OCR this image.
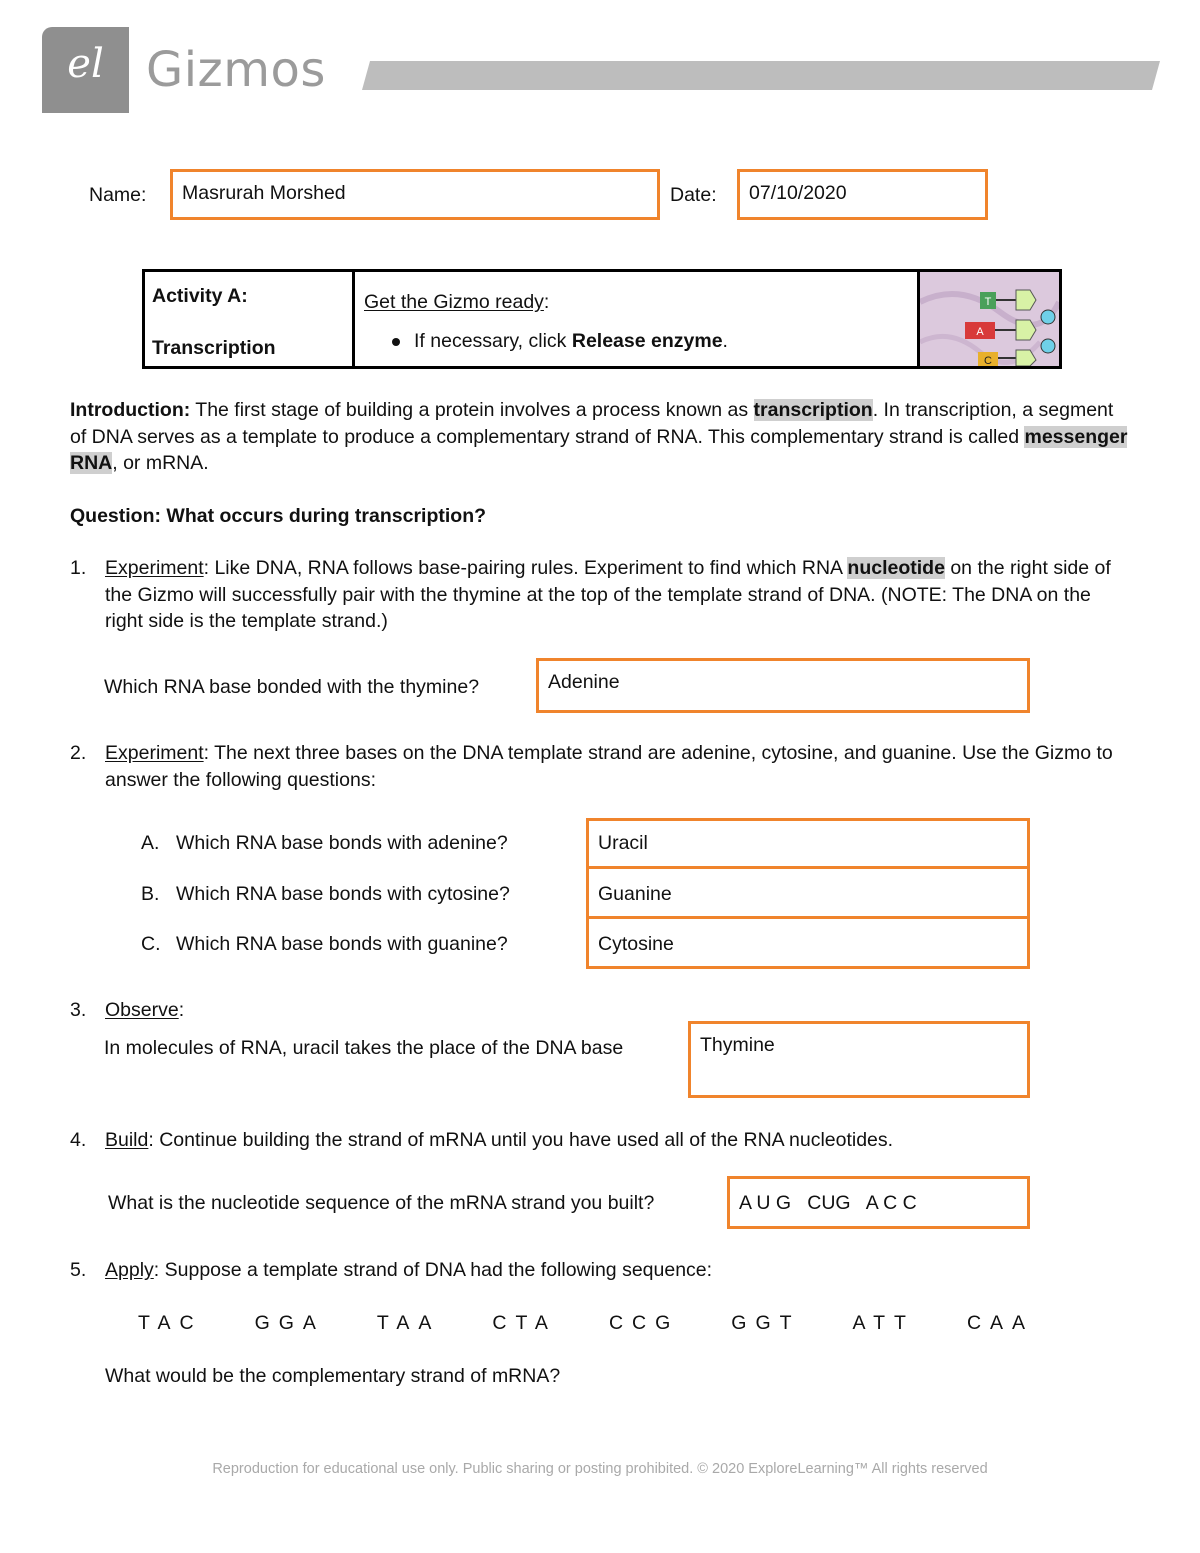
el Gizmos
Name:	Masrurah Morshed	Date:	07/10/2020
Activity A:
Transcription
Get the Gizmo ready:
If necessary, click Release enzyme.
T
A
C
Introduction: The first stage of building a protein involves a process known as transcription. In transcription, a segment of DNA serves as a template to produce a complementary strand of RNA. This complementary strand is called messenger RNA, or mRNA.
Question: What occurs during transcription?
1. Experiment: Like DNA, RNA follows base-pairing rules. Experiment to find which RNA nucleotide on the right side of the Gizmo will successfully pair with the thymine at the top of the template strand of DNA. (NOTE: The DNA on the right side is the template strand.)
Which RNA base bonded with the thymine?	Adenine
2. Experiment: The next three bases on the DNA template strand are adenine, cytosine, and guanine. Use the Gizmo to answer the following questions:
A. Which RNA base bonds with adenine?	Uracil
B. Which RNA base bonds with cytosine?	Guanine
C. Which RNA base bonds with guanine?	Cytosine
3. Observe:
In molecules of RNA, uracil takes the place of the DNA base	Thymine
4. Build: Continue building the strand of mRNA until you have used all of the RNA nucleotides.
What is the nucleotide sequence of the mRNA strand you built?	A U G   CUG   A C C
5. Apply: Suppose a template strand of DNA had the following sequence:
TAC	GGA	TAA	CTA	CCG	GGT	ATT	CAA
What would be the complementary strand of mRNA?
Reproduction for educational use only. Public sharing or posting prohibited. © 2020 ExploreLearning™ All rights reserved
